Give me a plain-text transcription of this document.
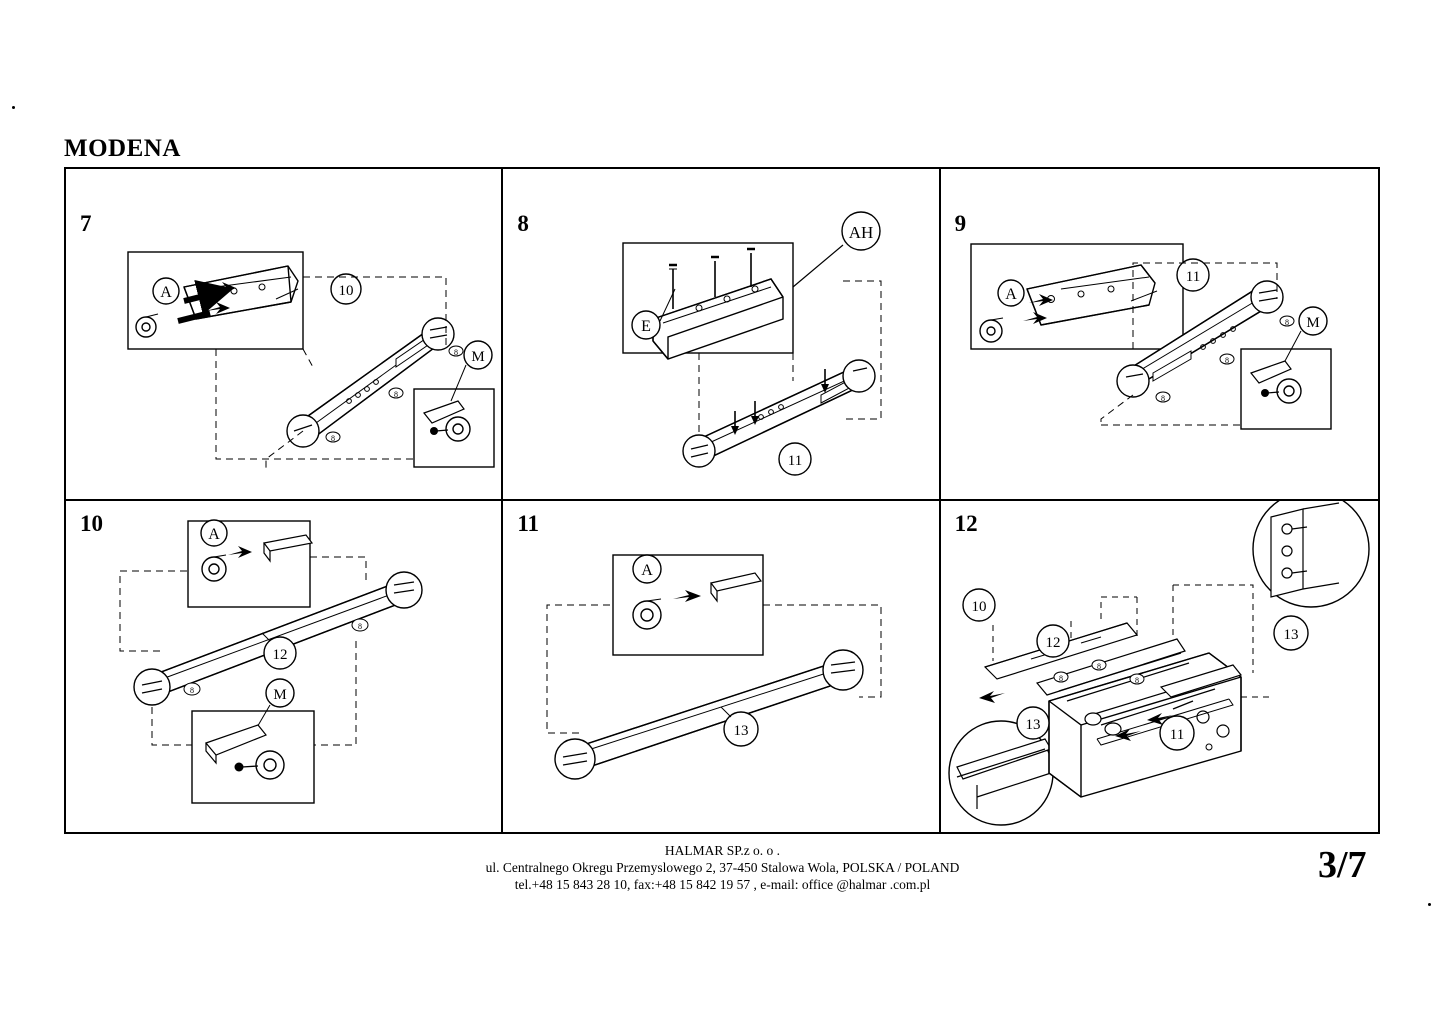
MODENA
7
A
8
8
8
10
M
8
E
AH
11
9
A
8
8
8
11
M
10	A
8
8
12
M
11
A
13
12
8
8
8
10
12	13
13
11
HALMAR SP.z o. o .
ul. Centralnego Okregu Przemyslowego 2, 37-450 Stalowa Wola, POLSKA / POLAND
tel.+48 15 843 28 10, fax:+48 15 842 19 57 , e-mail: office @halmar .com.pl	3/7
